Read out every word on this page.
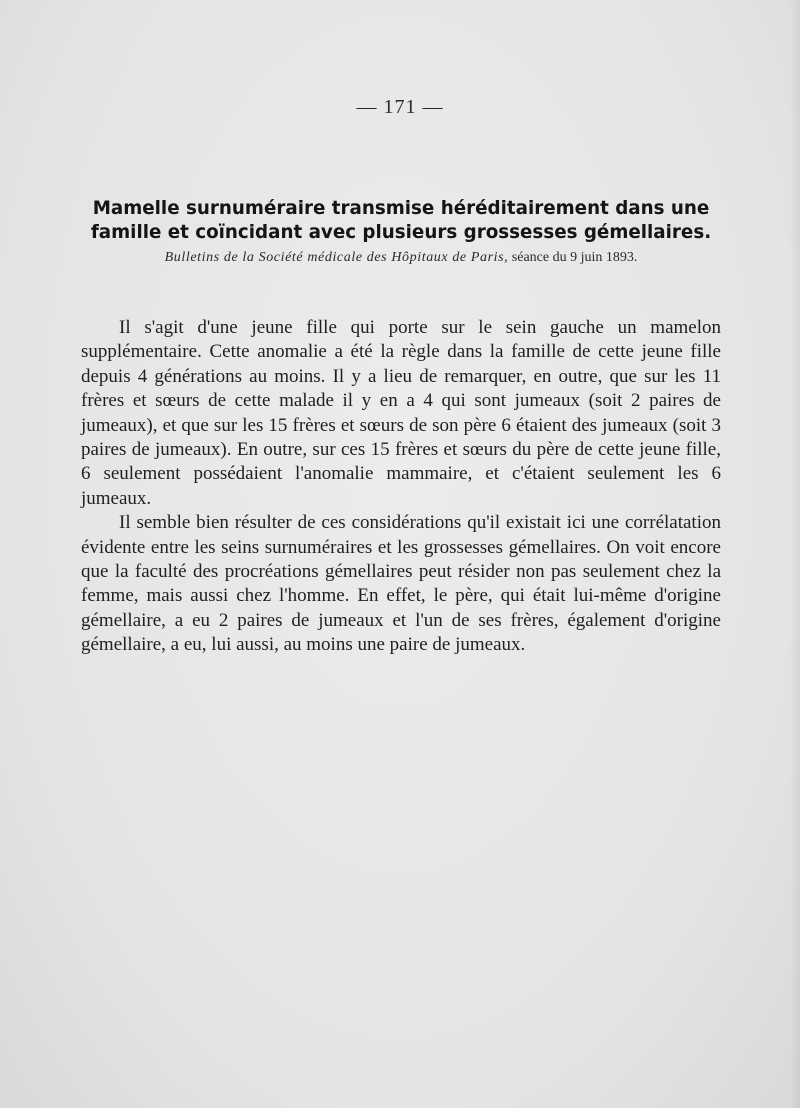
— 171 —
Mamelle surnuméraire transmise héréditairement dans une famille et coïncidant avec plusieurs grossesses gémellaires.
Bulletins de la Société médicale des Hôpitaux de Paris, séance du 9 juin 1893.

Il s'agit d'une jeune fille qui porte sur le sein gauche un mamelon supplémentaire. Cette anomalie a été la règle dans la famille de cette jeune fille depuis 4 générations au moins. Il y a lieu de remarquer, en outre, que sur les 11 frères et sœurs de cette malade il y en a 4 qui sont jumeaux (soit 2 paires de jumeaux), et que sur les 15 frères et sœurs de son père 6 étaient des jumeaux (soit 3 paires de jumeaux). En outre, sur ces 15 frères et sœurs du père de cette jeune fille, 6 seulement possédaient l'anomalie mammaire, et c'étaient seulement les 6 jumeaux.

Il semble bien résulter de ces considérations qu'il existait ici une corrélatation évidente entre les seins surnuméraires et les grossesses gémellaires. On voit encore que la faculté des procréations gémellaires peut résider non pas seulement chez la femme, mais aussi chez l'homme. En effet, le père, qui était lui-même d'origine gémellaire, a eu 2 paires de jumeaux et l'un de ses frères, également d'origine gémellaire, a eu, lui aussi, au moins une paire de jumeaux.
